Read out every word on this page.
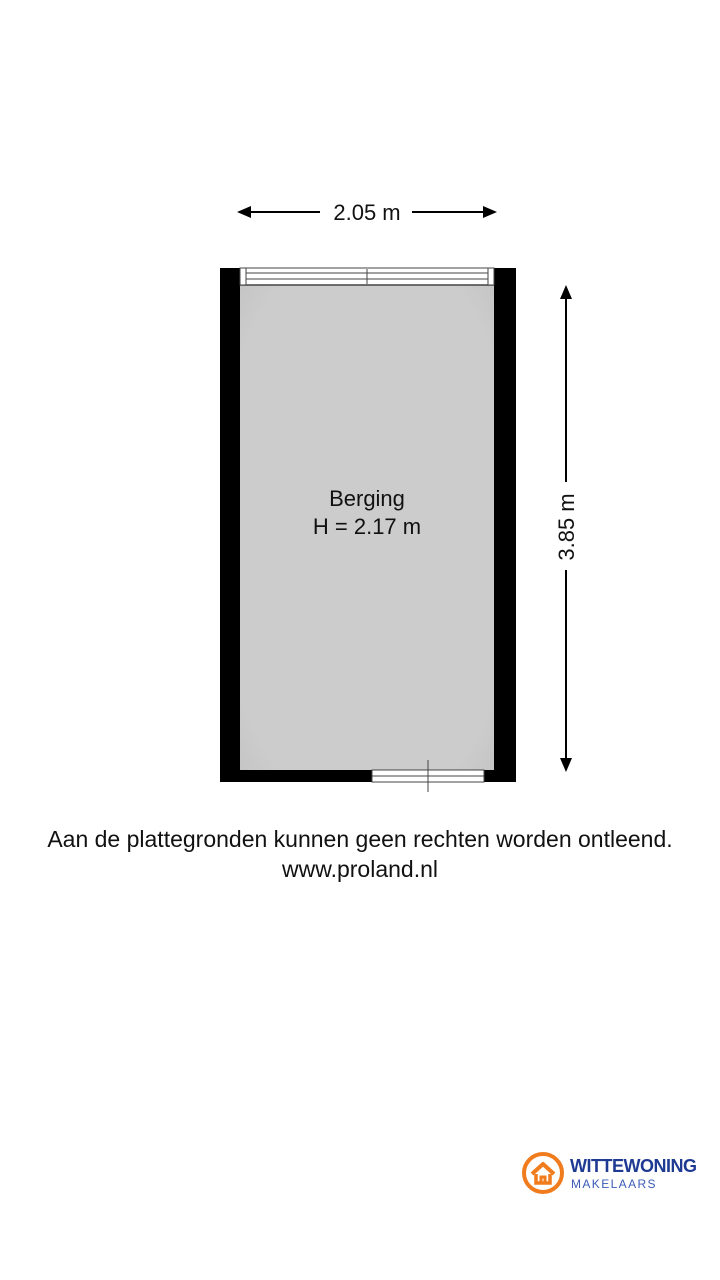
2.05 m
3.85 m
Berging
H = 2.17 m
Aan de plattegronden kunnen geen rechten worden ontleend.
www.proland.nl
WITTEWONING
MAKELAARS
